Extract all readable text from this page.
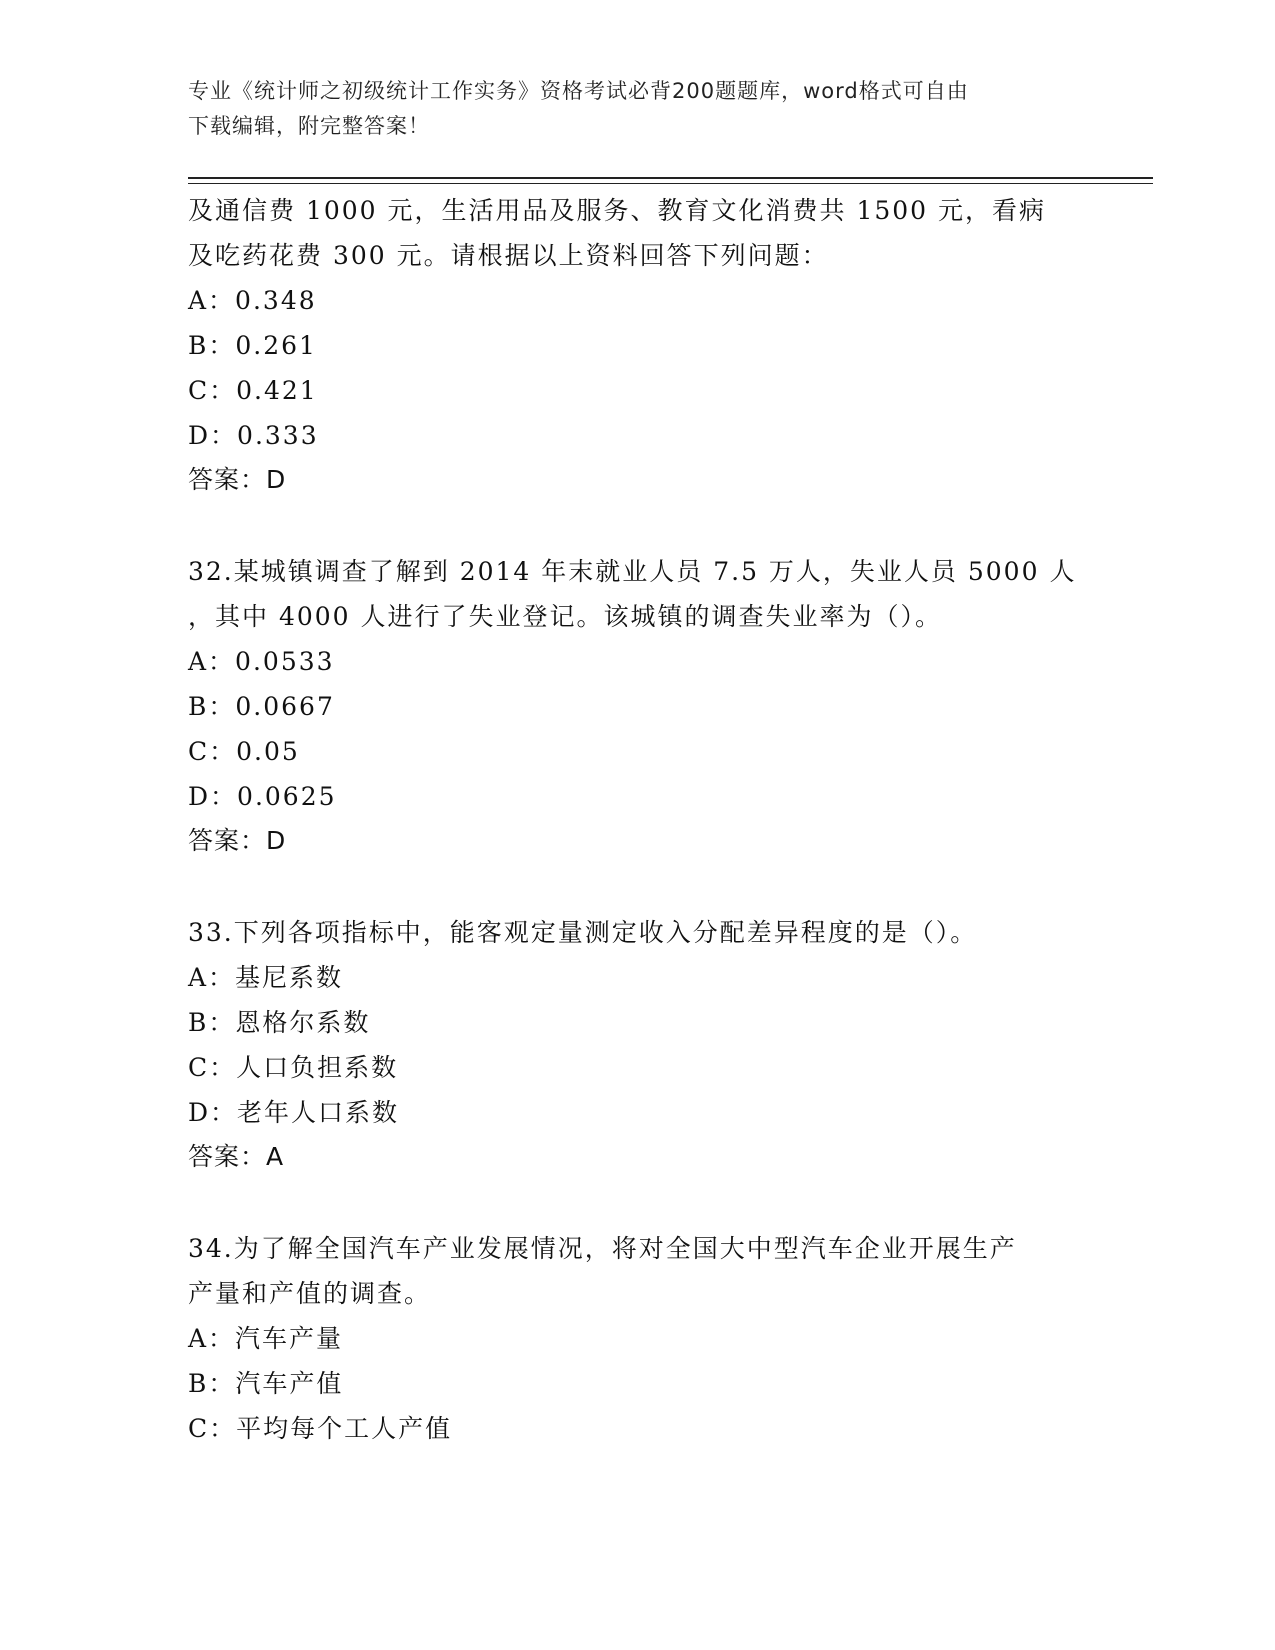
专业《统计师之初级统计工作实务》资格考试必背200题题库，word格式可自由
下载编辑，附完整答案！
及通信费 1000 元，生活用品及服务、教育文化消费共 1500 元，看病
及吃药花费 300 元。请根据以上资料回答下列问题：
A：0.348
B：0.261
C：0.421
D：0.333
答案：D
32.某城镇调查了解到 2014 年末就业人员 7.5 万人，失业人员 5000 人
，其中 4000 人进行了失业登记。该城镇的调查失业率为（）。
A：0.0533
B：0.0667
C：0.05
D：0.0625
答案：D
33.下列各项指标中，能客观定量测定收入分配差异程度的是（）。
A：基尼系数
B：恩格尔系数
C：人口负担系数
D：老年人口系数
答案：A
34.为了解全国汽车产业发展情况，将对全国大中型汽车企业开展生产
产量和产值的调查。
A：汽车产量
B：汽车产值
C：平均每个工人产值
